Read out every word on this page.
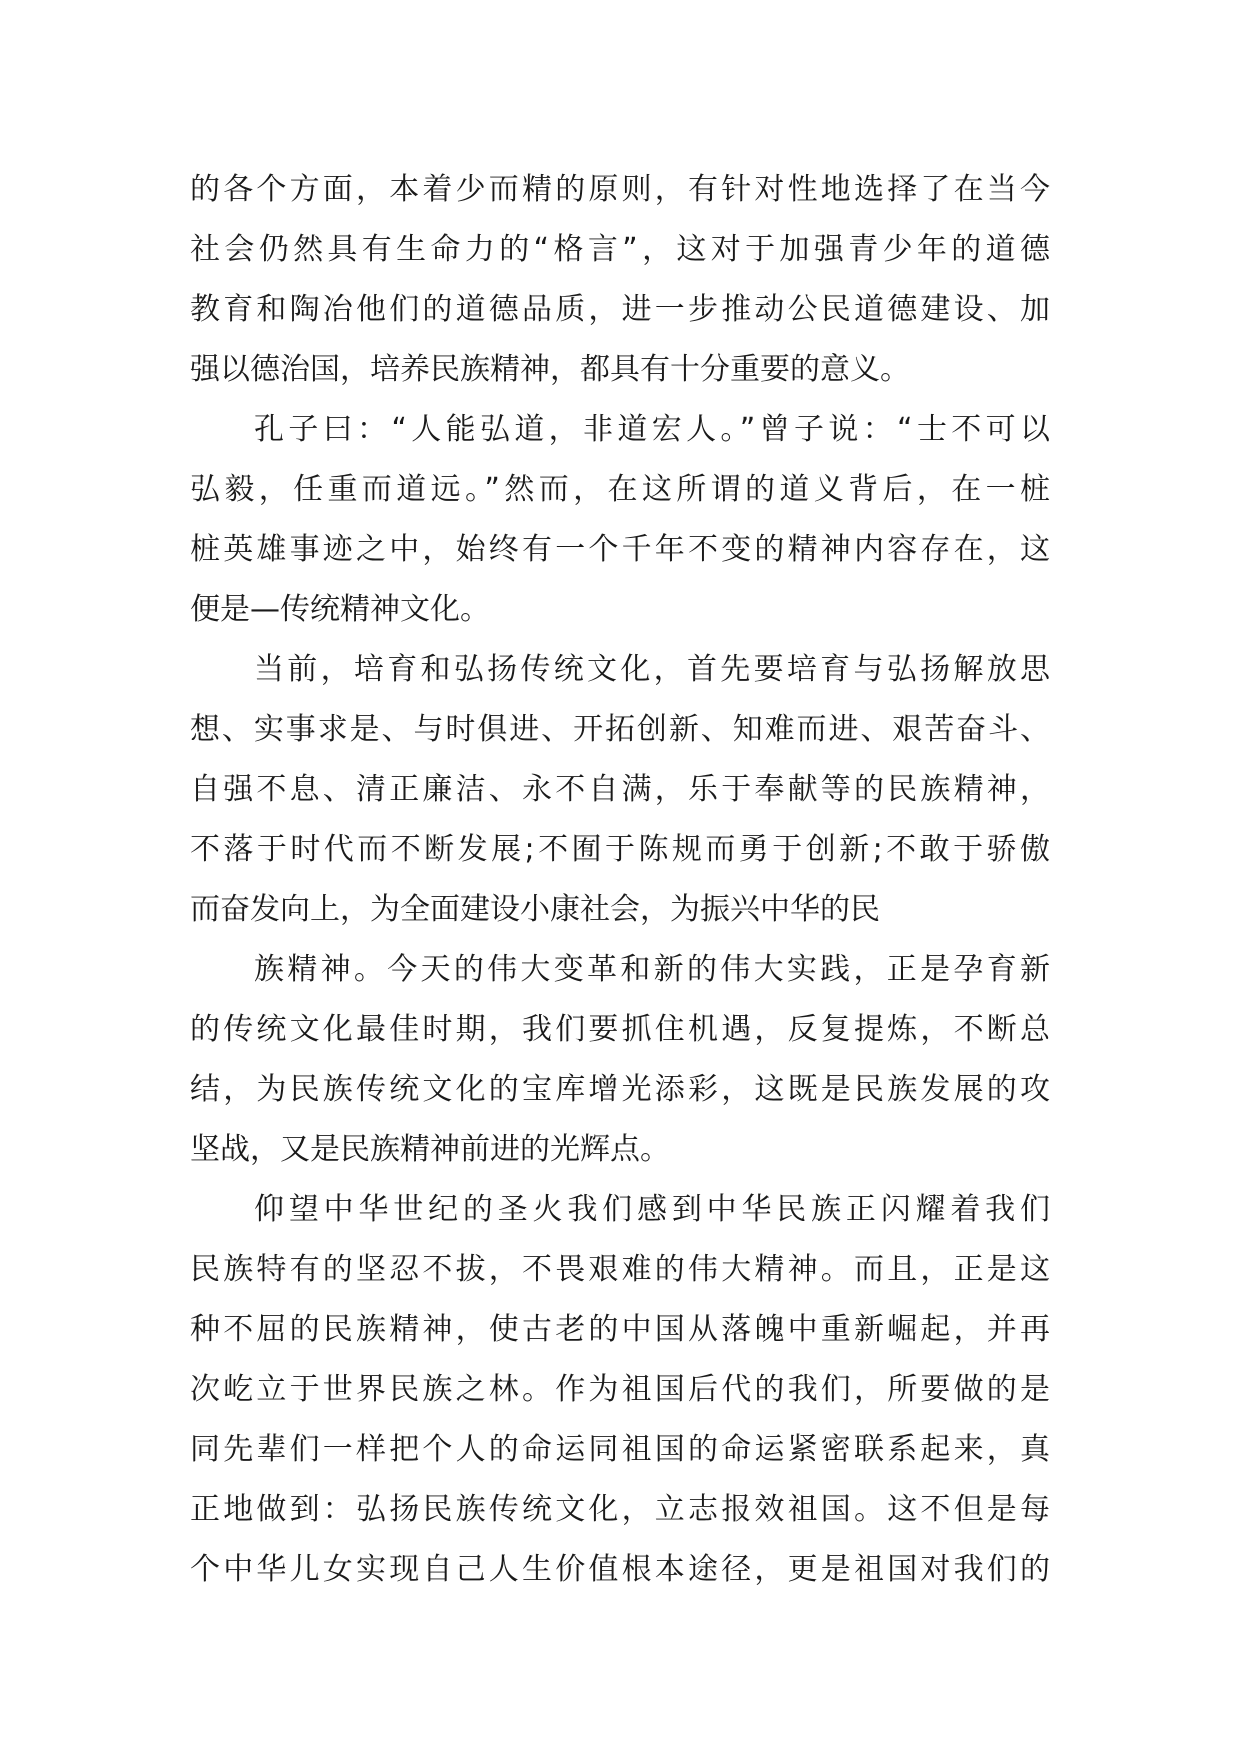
的各个方面，本着少而精的原则，有针对性地选择了在当今
社会仍然具有生命力的“格言”，这对于加强青少年的道德
教育和陶冶他们的道德品质，进一步推动公民道德建设、加
强以德治国，培养民族精神，都具有十分重要的意义。
孔子曰：“人能弘道，非道宏人。”曾子说：“士不可以
弘毅，任重而道远。”然而，在这所谓的道义背后，在一桩
桩英雄事迹之中，始终有一个千年不变的精神内容存在，这
便是—传统精神文化。
当前，培育和弘扬传统文化，首先要培育与弘扬解放思
想、实事求是、与时俱进、开拓创新、知难而进、艰苦奋斗、
自强不息、清正廉洁、永不自满，乐于奉献等的民族精神，
不落于时代而不断发展;不囿于陈规而勇于创新;不敢于骄傲
而奋发向上，为全面建设小康社会，为振兴中华的民
族精神。今天的伟大变革和新的伟大实践，正是孕育新
的传统文化最佳时期，我们要抓住机遇，反复提炼，不断总
结，为民族传统文化的宝库增光添彩，这既是民族发展的攻
坚战，又是民族精神前进的光辉点。
仰望中华世纪的圣火我们感到中华民族正闪耀着我们
民族特有的坚忍不拔，不畏艰难的伟大精神。而且，正是这
种不屈的民族精神，使古老的中国从落魄中重新崛起，并再
次屹立于世界民族之林。作为祖国后代的我们，所要做的是
同先辈们一样把个人的命运同祖国的命运紧密联系起来，真
正地做到：弘扬民族传统文化，立志报效祖国。这不但是每
个中华儿女实现自己人生价值根本途径，更是祖国对我们的
